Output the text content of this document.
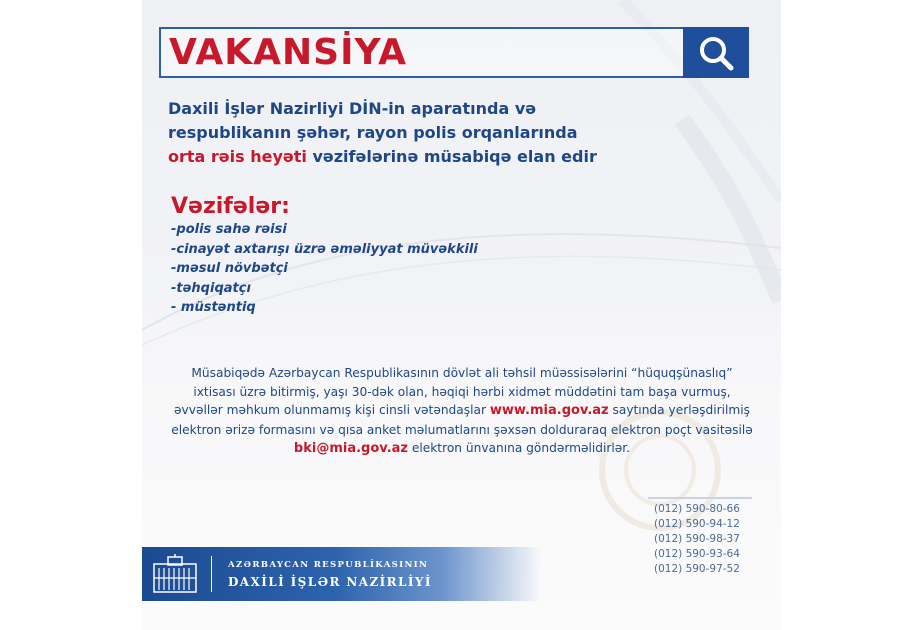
VAKANSİYA
Daxili İşlər Nazirliyi DİN-in aparatında və
respublikanın şəhər, rayon polis orqanlarında
orta rəis heyəti vəzifələrinə müsabiqə elan edir
Vəzifələr:
-polis sahə rəisi
-cinayət axtarışı üzrə əməliyyat müvəkkili
-məsul növbətçi
-təhqiqatçı
- müstəntiq
Müsabiqədə Azərbaycan Respublikasının dövlət ali təhsil müəssisələrini “hüquqşünaslıq”
ixtisası üzrə bitirmiş, yaşı 30-dək olan, həqiqi hərbi xidmət müddətini tam başa vurmuş,
əvvəllər məhkum olunmamış kişi cinsli vətəndaşlar www.mia.gov.az saytında yerləşdirilmiş
elektron ərizə formasını və qısa anket məlumatlarını şəxsən dolduraraq elektron poçt vasitəsilə
bki@mia.gov.az elektron ünvanına göndərməlidirlər.
(012) 590-80-66
(012) 590-94-12
(012) 590-98-37
(012) 590-93-64
(012) 590-97-52
AZƏRBAYCAN RESPUBLİKASININ
DAXİLİ İŞLƏR NAZİRLİYİ
